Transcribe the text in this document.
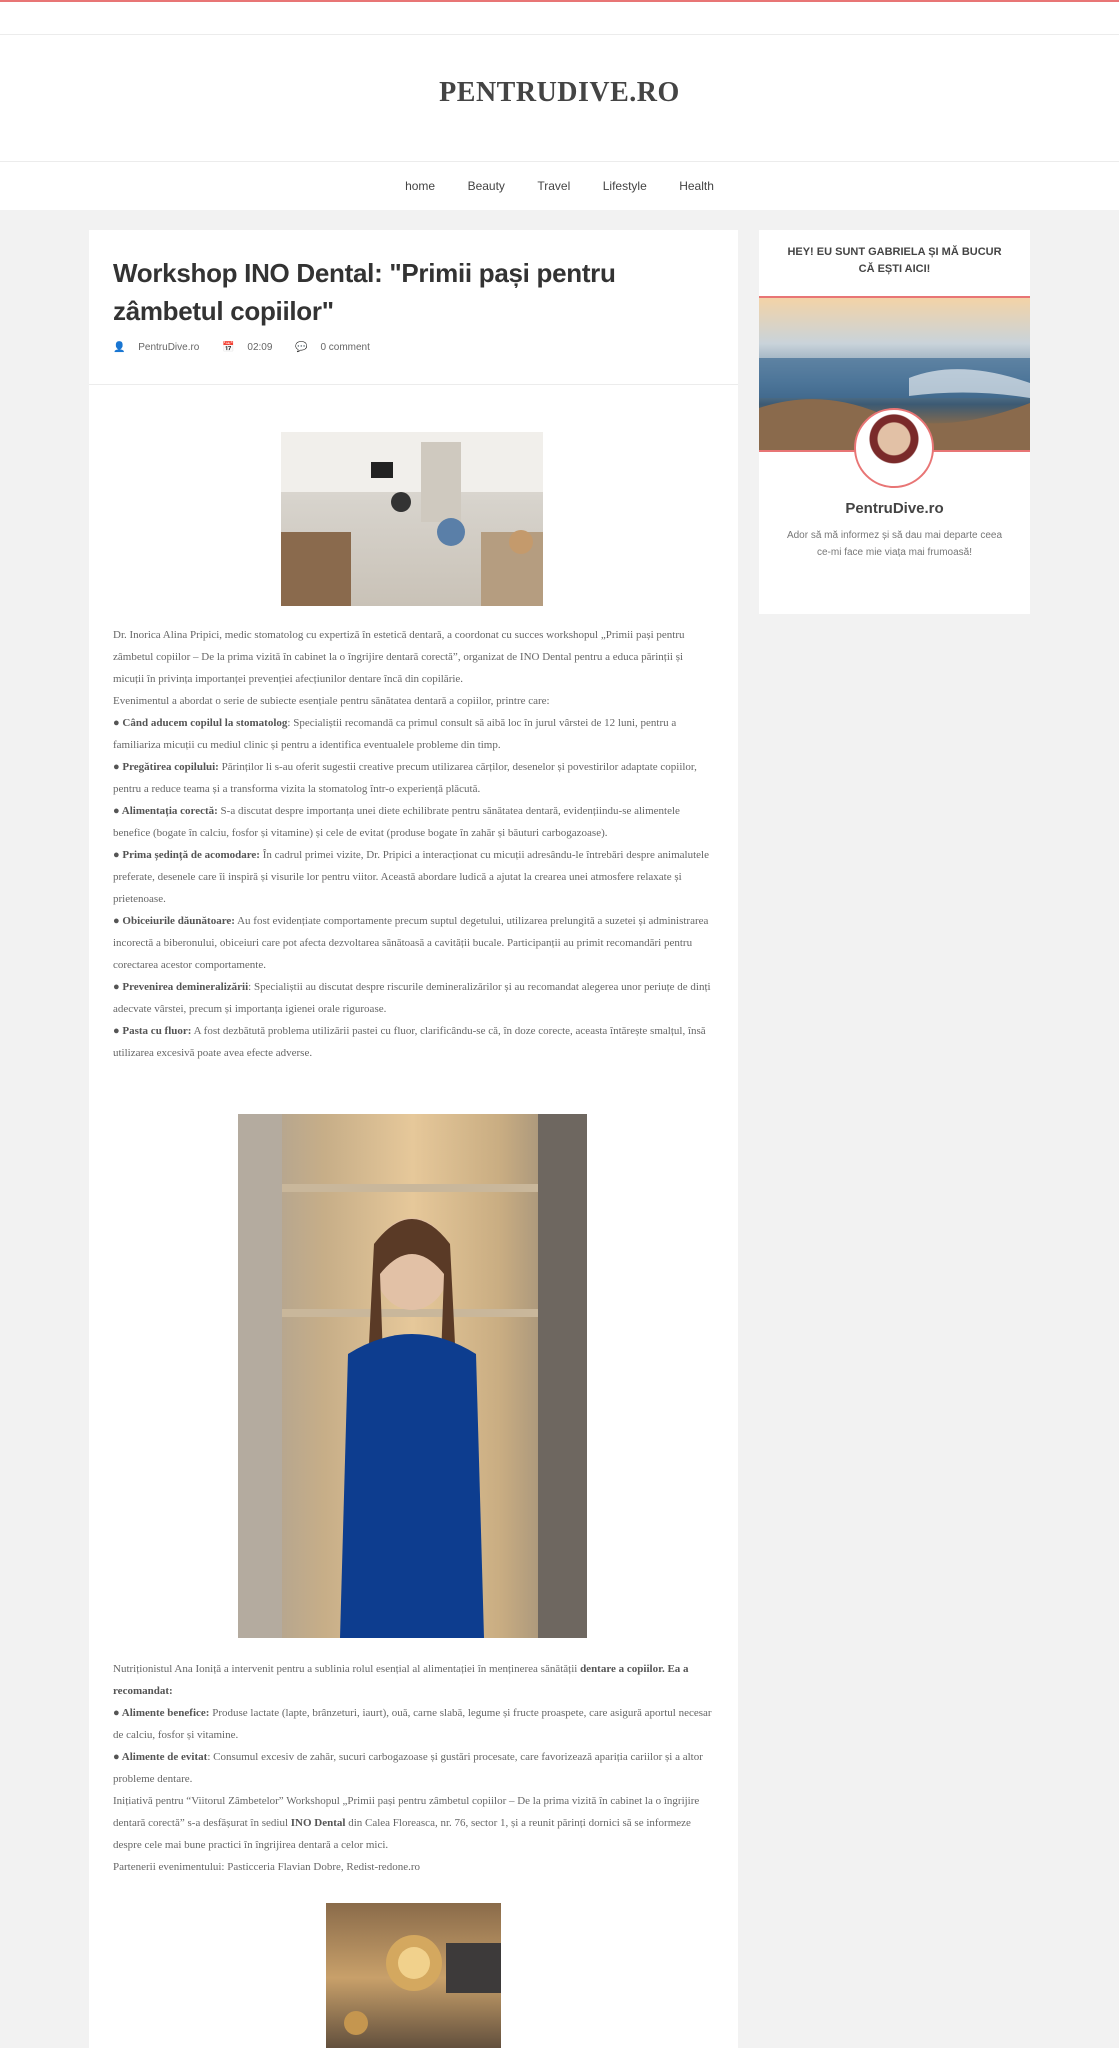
PENTRUDIVE.RO
home	Beauty	Travel	Lifestyle	Health
Workshop INO Dental: "Primii pași pentru zâmbetul copiilor"
👤 PentruDive.ro 📅 02:09 💬 0 comment

Dr. Inorica Alina Pripici, medic stomatolog cu expertiză în estetică dentară, a coordonat cu succes workshopul „Primii pași pentru zâmbetul copiilor – De la prima vizită în cabinet la o îngrijire dentară corectă”, organizat de INO Dental pentru a educa părinții și micuții în privința importanței prevenției afecțiunilor dentare încă din copilărie.

Evenimentul a abordat o serie de subiecte esențiale pentru sănătatea dentară a copiilor, printre care:

● Când aducem copilul la stomatolog: Specialiștii recomandă ca primul consult să aibă loc în jurul vârstei de 12 luni, pentru a familiariza micuții cu mediul clinic și pentru a identifica eventualele probleme din timp.

● Pregătirea copilului: Părinților li s-au oferit sugestii creative precum utilizarea cărților, desenelor și povestirilor adaptate copiilor, pentru a reduce teama și a transforma vizita la stomatolog într-o experiență plăcută.

● Alimentația corectă: S-a discutat despre importanța unei diete echilibrate pentru sănătatea dentară, evidențiindu-se alimentele benefice (bogate în calciu, fosfor și vitamine) și cele de evitat (produse bogate în zahăr și băuturi carbogazoase).

● Prima ședință de acomodare: În cadrul primei vizite, Dr. Pripici a interacționat cu micuții adresându-le întrebări despre animalutele preferate, desenele care îi inspiră și visurile lor pentru viitor. Această abordare ludică a ajutat la crearea unei atmosfere relaxate și prietenoase.

● Obiceiurile dăunătoare: Au fost evidențiate comportamente precum suptul degetului, utilizarea prelungită a suzetei și administrarea incorectă a biberonului, obiceiuri care pot afecta dezvoltarea sănătoasă a cavității bucale. Participanții au primit recomandări pentru corectarea acestor comportamente.

● Prevenirea demineralizării: Specialiștii au discutat despre riscurile demineralizărilor și au recomandat alegerea unor periuțe de dinți adecvate vârstei, precum și importanța igienei orale riguroase.

● Pasta cu fluor: A fost dezbătută problema utilizării pastei cu fluor, clarificându-se că, în doze corecte, aceasta întărește smalțul, însă utilizarea excesivă poate avea efecte adverse.

Nutriționistul Ana Ioniță a intervenit pentru a sublinia rolul esențial al alimentației în menținerea sănătății dentare a copiilor. Ea a recomandat:

● Alimente benefice: Produse lactate (lapte, brânzeturi, iaurt), ouă, carne slabă, legume și fructe proaspete, care asigură aportul necesar de calciu, fosfor și vitamine.

● Alimente de evitat: Consumul excesiv de zahăr, sucuri carbogazoase și gustări procesate, care favorizează apariția cariilor și a altor probleme dentare.

Inițiativă pentru “Viitorul Zâmbetelor” Workshopul „Primii pași pentru zâmbetul copiilor – De la prima vizită în cabinet la o îngrijire dentară corectă” s-a desfășurat în sediul INO Dental din Calea Floreasca, nr. 76, sector 1, și a reunit părinți dornici să se informeze despre cele mai bune practici în îngrijirea dentară a celor mici.

Partenerii evenimentului: Pasticceria Flavian Dobre, Redist-redone.ro

HEY! EU SUNT GABRIELA ȘI MĂ BUCUR CĂ EȘTI AICI!
PentruDive.ro
Ador să mă informez și să dau mai departe ceea ce-mi face mie viața mai frumoasă!
